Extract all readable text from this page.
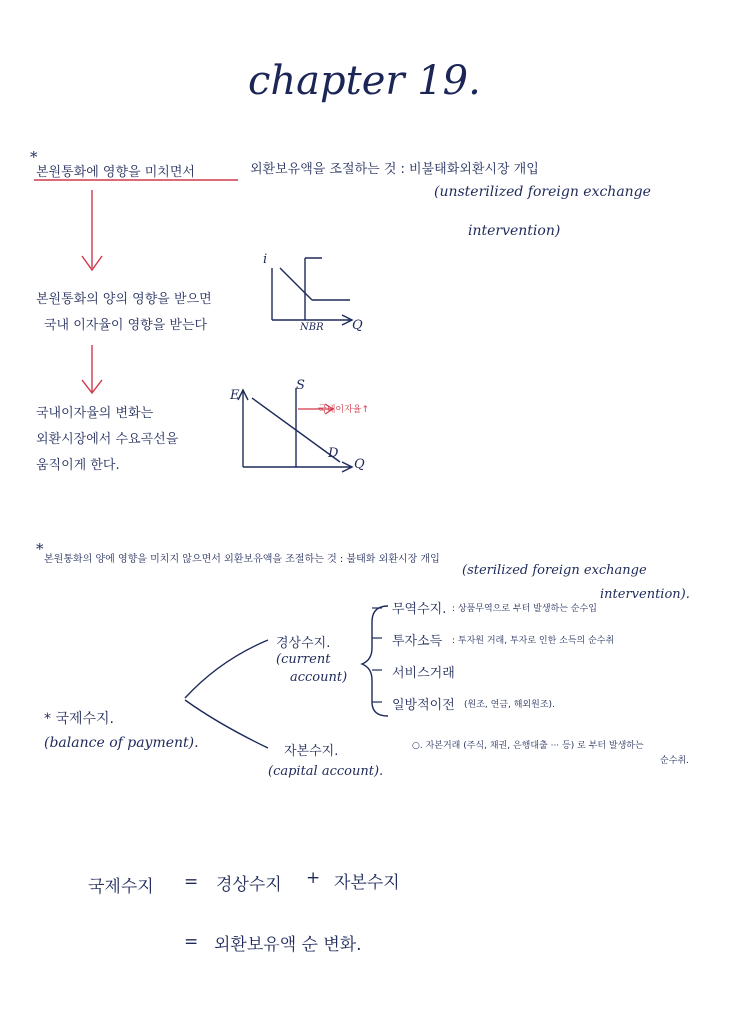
chapter 19.
*
본원통화에 영향을 미치면서	외환보유액을 조절하는 것 : 비불태화외환시장 개입
(unsterilized foreign exchange
intervention)
본원통화의 양의 영향을 받으면
국내 이자율이 영향을 받는다
국내이자율의 변화는
외환시장에서 수요곡선을
움직이게 한다.
i
NBR Q
E
S
국내이자율↑
D
Q
*
본원통화의 양에 영향을 미치지 않으면서 외환보유액을 조절하는 것 : 불태화 외환시장 개입
(sterilized foreign exchange
intervention).
* 국제수지.
(balance of payment).
경상수지.
(current
account)
무역수지. : 상품무역으로 부터 발생하는 순수입
투자소득 : 투자원 거래, 투자로 인한 소득의 순수취
서비스거래
일방적이전 (원조, 연금, 해외원조).
자본수지.
(capital account).
○. 자본거래 (주식, 채권, 은행대출 ··· 등) 로 부터 발생하는
순수취.
국제수지 = 경상수지 + 자본수지
= 외환보유액 순 변화.
